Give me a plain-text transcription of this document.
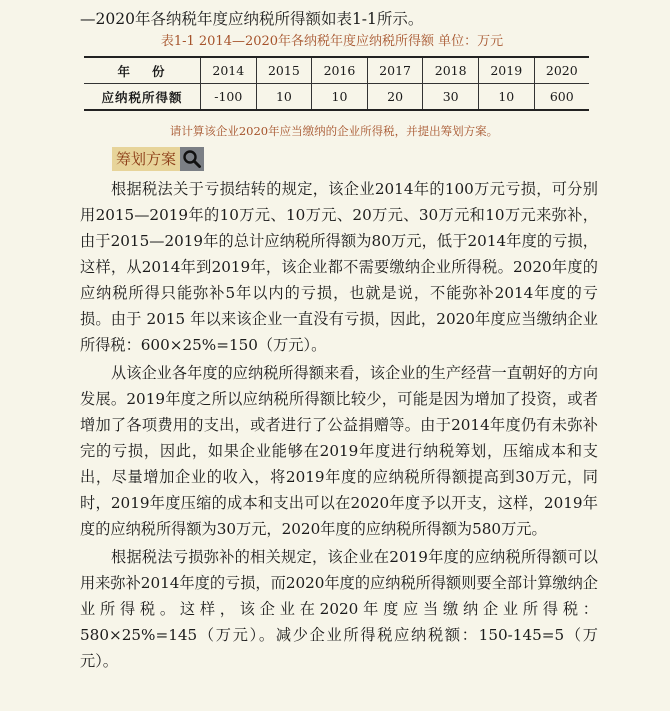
—2020年各纳税年度应纳税所得额如表1-1所示。

表1-1 2014—2020年各纳税年度应纳税所得额 单位：万元

年份	2014	2015	2016	2017	2018	2019	2020
应纳税所得额	-100	10	10	20	30	10	600

请计算该企业2020年应当缴纳的企业所得税，并提出筹划方案。

筹划方案

根据税法关于亏损结转的规定，该企业2014年的100万元亏损，可分别用2015—2019年的10万元、10万元、20万元、30万元和10万元来弥补，由于2015—2019年的总计应纳税所得额为80万元，低于2014年度的亏损，这样，从2014年到2019年，该企业都不需要缴纳企业所得税。2020年度的应纳税所得只能弥补5年以内的亏损，也就是说，不能弥补2014年度的亏损。由于 2015 年以来该企业一直没有亏损，因此，2020年度应当缴纳企业所得税：600×25%=150（万元）。

从该企业各年度的应纳税所得额来看，该企业的生产经营一直朝好的方向发展。2019年度之所以应纳税所得额比较少，可能是因为增加了投资，或者增加了各项费用的支出，或者进行了公益捐赠等。由于2014年度仍有未弥补完的亏损，因此，如果企业能够在2019年度进行纳税筹划，压缩成本和支出，尽量增加企业的收入，将2019年度的应纳税所得额提高到30万元，同时，2019年度压缩的成本和支出可以在2020年度予以开支，这样，2019年度的应纳税所得额为30万元，2020年度的应纳税所得额为580万元。

根据税法亏损弥补的相关规定，该企业在2019年度的应纳税所得额可以用来弥补2014年度的亏损，而2020年度的应纳税所得额则要全部计算缴纳企业所得税。这样，该企业在2020年度应当缴纳企业所得税：580×25%=145（万元）。减少企业所得税应纳税额：150-145=5（万元）。
